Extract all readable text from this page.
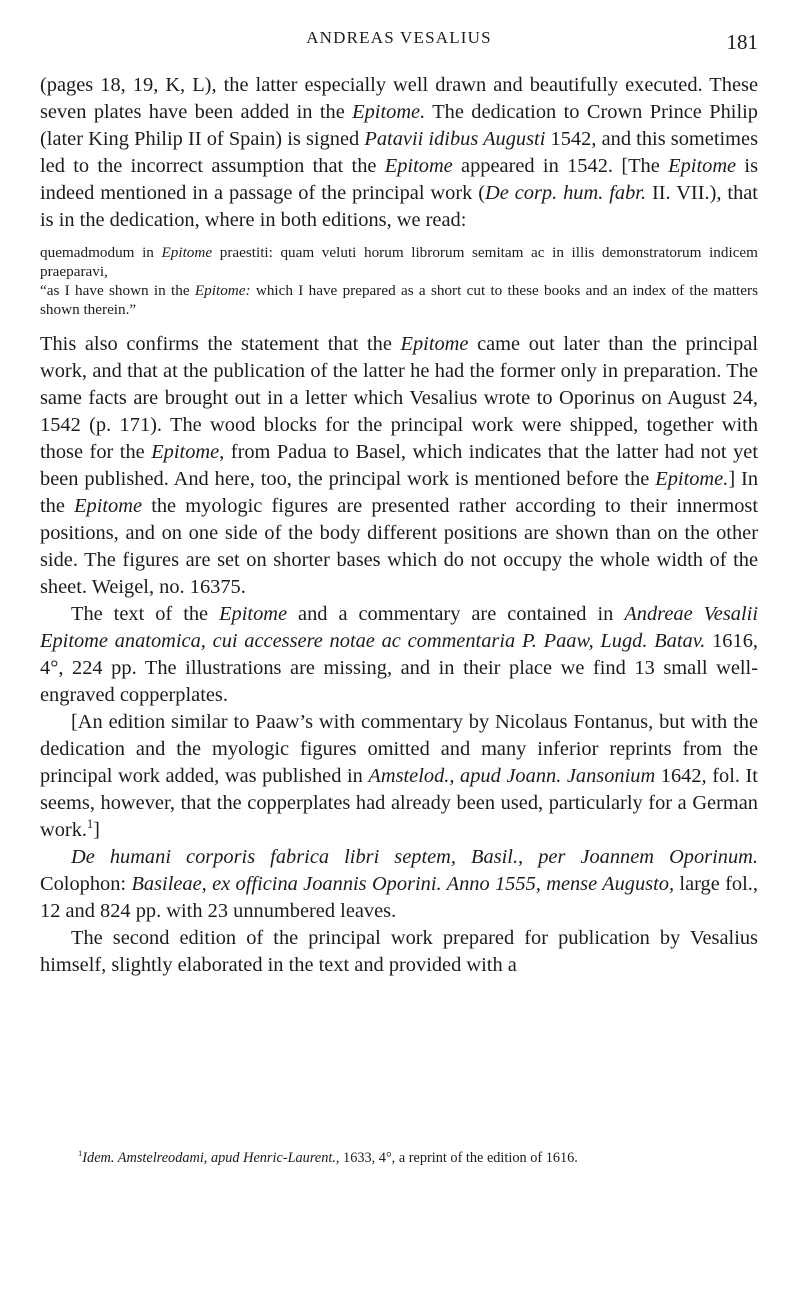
ANDREAS VESALIUS	181

(pages 18, 19, K, L), the latter especially well drawn and beautifully executed. These seven plates have been added in the Epitome. The dedication to Crown Prince Philip (later King Philip II of Spain) is signed Patavii idibus Augusti 1542, and this sometimes led to the incorrect assumption that the Epitome appeared in 1542. [The Epitome is indeed mentioned in a passage of the principal work (De corp. hum. fabr. II. VII.), that is in the dedication, where in both editions, we read:

quemadmodum in Epitome praestiti: quam veluti horum librorum semitam ac in illis demonstratorum indicem praeparavi,
“as I have shown in the Epitome: which I have prepared as a short cut to these books and an index of the matters shown therein.”

This also confirms the statement that the Epitome came out later than the principal work, and that at the publication of the latter he had the former only in preparation. The same facts are brought out in a letter which Vesalius wrote to Oporinus on August 24, 1542 (p. 171). The wood blocks for the principal work were shipped, together with those for the Epitome, from Padua to Basel, which indicates that the latter had not yet been published. And here, too, the principal work is mentioned before the Epitome.] In the Epitome the myologic figures are presented rather according to their innermost positions, and on one side of the body different positions are shown than on the other side. The figures are set on shorter bases which do not occupy the whole width of the sheet. Weigel, no. 16375.

The text of the Epitome and a commentary are contained in Andreae Vesalii Epitome anatomica, cui accessere notae ac commentaria P. Paaw, Lugd. Batav. 1616, 4°, 224 pp. The illustrations are missing, and in their place we find 13 small well-engraved copperplates.

[An edition similar to Paaw’s with commentary by Nicolaus Fontanus, but with the dedication and the myologic figures omitted and many inferior reprints from the principal work added, was published in Amstelod., apud Joann. Jansonium 1642, fol. It seems, however, that the copperplates had already been used, particularly for a German work.$^1$]

De humani corporis fabrica libri septem, Basil., per Joannem Oporinum. Colophon: Basileae, ex officina Joannis Oporini. Anno 1555, mense Augusto, large fol., 12 and 824 pp. with 23 unnumbered leaves.

The second edition of the principal work prepared for publication by Vesalius himself, slightly elaborated in the text and provided with a

$^1$Idem. Amstelreodami, apud Henric-Laurent., 1633, 4°, a reprint of the edition of 1616.
